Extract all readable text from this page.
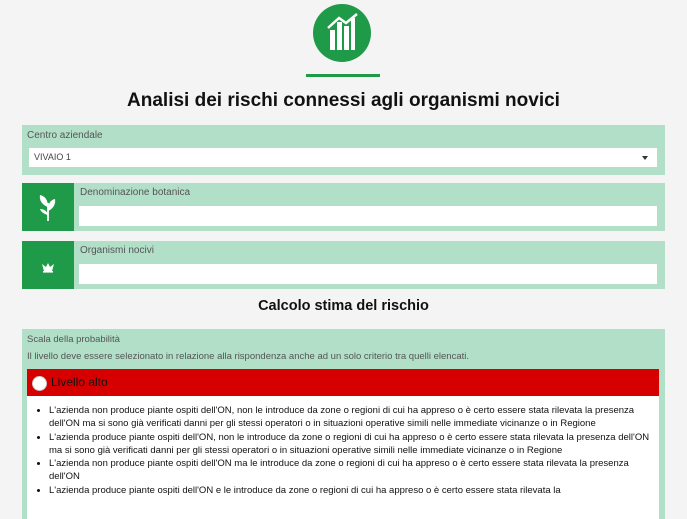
Analisi dei rischi connessi agli organismi novici
Centro aziendale
VIVAIO 1
Denominazione botanica
Organismi nocivi
Calcolo stima del rischio
Scala della probabilità
Il livello deve essere selezionato in relazione alla rispondenza anche ad un solo criterio tra quelli elencati.
Livello alto
• L'azienda non produce piante ospiti dell'ON, non le introduce da zone o regioni di cui ha appreso o è certo essere stata rilevata la presenza dell'ON ma si sono già verificati danni per gli stessi operatori o in situazioni operative simili nelle immediate vicinanze o in Regione
• L'azienda produce piante ospiti dell'ON, non le introduce da zone o regioni di cui ha appreso o è certo essere stata rilevata la presenza dell'ON ma si sono già verificati danni per gli stessi operatori o in situazioni operative simili nelle immediate vicinanze o in Regione
• L'azienda non produce piante ospiti dell'ON ma le introduce da zone o regioni di cui ha appreso o è certo essere stata rilevata la presenza dell'ON
• L'azienda produce piante ospiti dell'ON e le introduce da zone o regioni di cui ha appreso o è certo essere stata rilevata la
